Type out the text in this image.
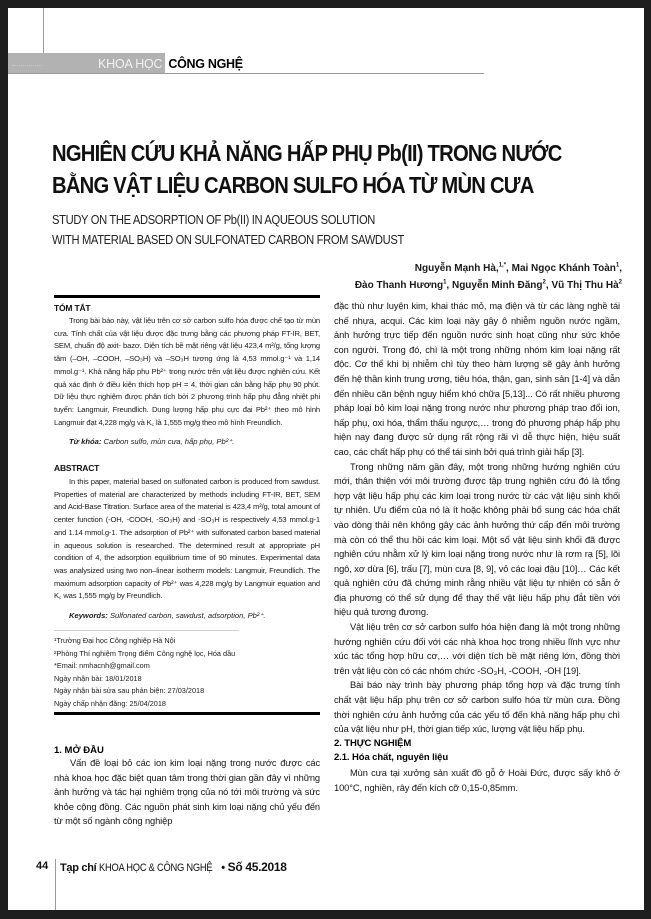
KHOA HỌC CÔNG NGHỆ
NGHIÊN CỨU KHẢ NĂNG HẤP PHỤ Pb(II) TRONG NƯỚC
BẰNG VẬT LIỆU CARBON SULFO HÓA TỪ MÙN CƯA
STUDY ON THE ADSORPTION OF Pb(II) IN AQUEOUS SOLUTION
WITH MATERIAL BASED ON SULFONATED CARBON FROM SAWDUST
Nguyễn Mạnh Hà,$^{1,*}$, Mai Ngọc Khánh Toàn$^1$,
Đào Thanh Hương$^1$, Nguyễn Minh Đăng$^2$, Vũ Thị Thu $Hà^2$
TÓM TẮT

Trong bài báo này, vật liệu trên cơ sở carbon sulfo hóa được chế tạo từ mùn cưa. Tính chất của vật liệu được đặc trưng bằng các phương pháp FT-IR, BET, SEM, chuẩn độ axit- bazơ. Diện tích bề mặt riêng vật liệu 423,4 m²/g, tổng lượng tâm (–OH, –COOH, –SO₃H) và –SO₃H tương ứng là 4,53 mmol.g⁻¹ và 1,14 mmol.g⁻¹. Khả năng hấp phụ Pb²⁺ trong nước trên vật liệu được nghiên cứu. Kết quả xác định ở điều kiện thích hợp pH = 4, thời gian cân bằng hấp phụ 90 phút. Dữ liệu thực nghiệm được phân tích bởi 2 phương trình hấp phụ đẳng nhiệt phi tuyến: Langmuir, Freundlich. Dung lượng hấp phụ cực đại Pb²⁺ theo mô hình Langmuir đạt 4,228 mg/g và K꜀ là 1,555 mg/g theo mô hình Freundlich.

Từ khóa: Carbon sulfo, mùn cưa, hấp phụ, Pb²⁺.
ABSTRACT

In this paper, material based on sulfonated carbon is produced from sawdust. Properties of material are characterized by methods including FT-IR, BET, SEM and Acid-Base Titration. Surface area of the material is 423,4 m²/g, total amount of center function (-OH, -COOH, -SO₃H) and -SO₃H is respectively 4,53 mmol.g-1 and 1.14 mmol.g-1. The adsorption of Pb²⁺ with sulfonated carbon based material in aqueous solution is researched. The determined result at appropriate pH condition of 4, the adsorption equilibrium time of 90 minutes. Experimental data was analysized using two non–linear isotherm models: Langmuir, Freundlich. The maximum adsorption capacity of Pb²⁺ was 4,228 mg/g by Langmuir equation and K꜀ was 1,555 mg/g by Freundlich.

Keywords: Sulfonated carbon, sawdust, adsorption, Pb²⁺.
¹Trường Đại học Công nghiệp Hà Nội
²Phòng Thí nghiệm Trọng điểm Công nghệ lọc, Hóa dầu
*Email: nmhacnh@gmail.com
Ngày nhận bài: 18/01/2018
Ngày nhận bài sửa sau phản biện: 27/03/2018
Ngày chấp nhận đăng: 25/04/2018
1. MỞ ĐẦU

Vấn đề loại bỏ các ion kim loại nặng trong nước được các nhà khoa học đặc biệt quan tâm trong thời gian gần đây vì những ảnh hưởng và tác hại nghiêm trọng của nó tới môi trường và sức khỏe cộng đồng. Các nguồn phát sinh kim loại nặng chủ yếu đến từ một số ngành công nghiệp

đặc thù như luyện kim, khai thác mỏ, mạ điện và từ các làng nghề tái chế nhựa, acqui. Các kim loại này gây ô nhiễm nguồn nước ngầm, ảnh hưởng trực tiếp đến nguồn nước sinh hoạt cũng như sức khỏe con người. Trong đó, chì là một trong những nhóm kim loại nặng rất độc. Cơ thể khi bị nhiễm chì tùy theo hàm lượng sẽ gây ảnh hưởng đến hệ thần kinh trung ương, tiêu hóa, thận, gan, sinh sản [1-4] và dẫn đến nhiều căn bệnh nguy hiểm khó chữa [5,13]... Có rất nhiều phương pháp loại bỏ kim loại nặng trong nước như phương pháp trao đổi ion, hấp phụ, oxi hóa, thẩm thấu ngược,… trong đó phương pháp hấp phụ hiện nay đang được sử dụng rất rộng rãi vì dễ thực hiện, hiệu suất cao, các chất hấp phụ có thể tái sinh bởi quá trình giải hấp [3].

Trong những năm gần đây, một trong những hướng nghiên cứu mới, thân thiện với môi trường được tập trung nghiên cứu đó là tổng hợp vật liệu hấp phụ các kim loại trong nước từ các vật liệu sinh khối tự nhiên. Ưu điểm của nó là ít hoặc không phải bổ sung các hóa chất vào dòng thải nên không gây các ảnh hưởng thứ cấp đến môi trường mà còn có thể thu hồi các kim loại. Một số vật liệu sinh khối đã được nghiên cứu nhằm xử lý kim loại nặng trong nước như là rơm rạ [5], lõi ngô, xơ dừa [6], trấu [7], mùn cưa [8, 9], vỏ các loại đậu [10]… Các kết quả nghiên cứu đã chứng minh rằng nhiều vật liệu tự nhiên có sẵn ở địa phương có thể sử dụng để thay thế vật liệu hấp phụ đắt tiền với hiệu quả tương đương.

Vật liệu trên cơ sở carbon sulfo hóa hiện đang là một trong những hướng nghiên cứu đối với các nhà khoa học trong nhiều lĩnh vực như xúc tác tổng hợp hữu cơ,… với diện tích bề mặt riêng lớn, đồng thời trên vật liệu còn có các nhóm chức -SO₃H, -COOH, -OH [19].

Bài báo này trình bày phương pháp tổng hợp và đặc trưng tính chất vật liệu hấp phụ trên cơ sở carbon sulfo hóa từ mùn cưa. Đồng thời nghiên cứu ảnh hưởng của các yếu tố đến khả năng hấp phụ chì của vật liệu như pH, thời gian tiếp xúc, lượng vật liệu hấp phụ.

2. THỰC NGHIỆM
2.1. Hóa chất, nguyên liệu

Mùn cưa tại xưởng sản xuất đồ gỗ ở Hoài Đức, được sấy khô ở 100°C, nghiền, rây đến kích cỡ 0,15-0,85mm.

44 Tạp chí KHOA HỌC & CÔNG NGHỆ • Số 45.2018
